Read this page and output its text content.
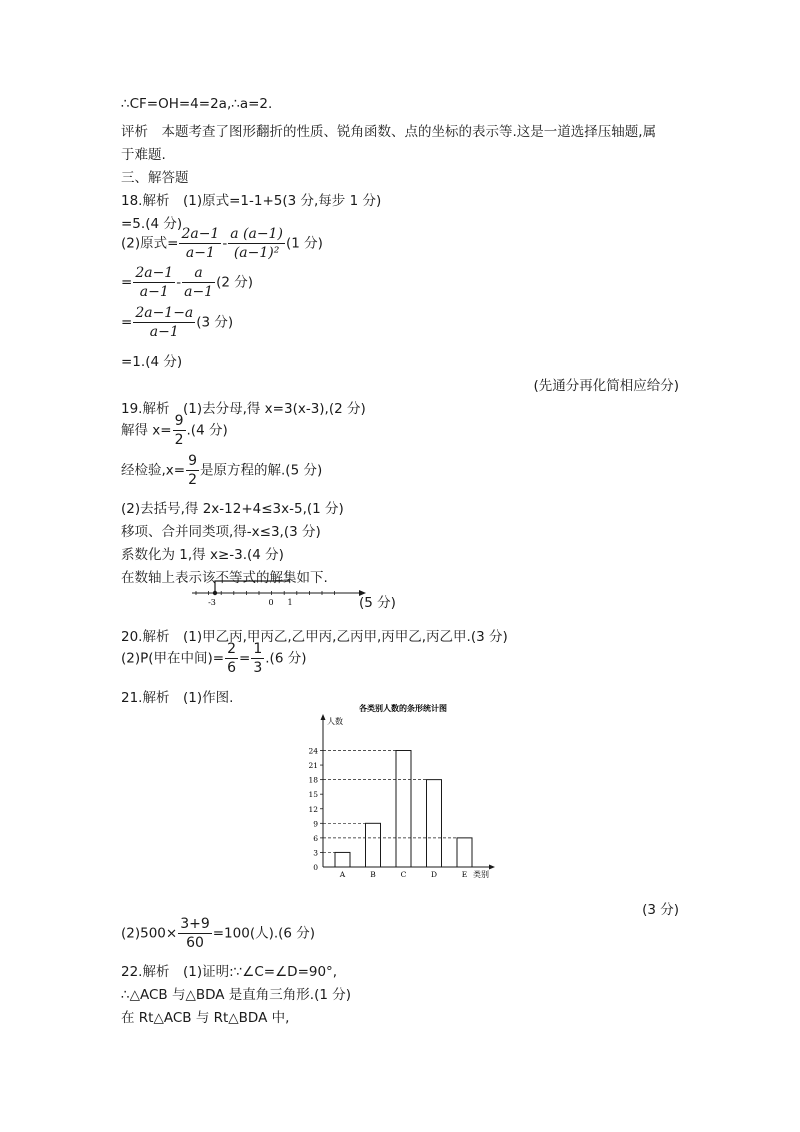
∴CF=OH=4=2a,∴a=2.
评析　本题考查了图形翻折的性质、锐角函数、点的坐标的表示等.这是一道选择压轴题,属
于难题.
三、解答题
18.解析　(1)原式=1-1+5(3 分,每步 1 分)
=5.(4 分)
(2)原式= $\frac{2a-1}{a-1} - \frac{a (a-1)}{\text{(a−1)²}} (1$ 分)
= $\frac{2a-1}{a-1} - \frac{a}{a-1} (2$ 分)
= $\frac{2a-1-a}{a-1} (3$ 分)
=1.(4 分)
(先通分再化简相应给分)
19.解析　(1)去分母,得 x=3(x-3),(2 分)
解得 $x= \frac{9}{2} .(4$ 分)
经检验$,x= \frac{9}{2}$ 是原方程的解.(5 分)
(2)去括号,得 2x-12+4≤3x-5,(1 分)
移项、合并同类项,得-x≤3,(3 分)
系数化为 1,得 x≥-3.(4 分)
在数轴上表示该不等式的解集如下.
-3	0 1	(5 分)
20.解析　(1)甲乙丙,甲丙乙,乙甲丙,乙丙甲,丙甲乙,丙乙甲.(3 分)
(2)P(甲在中间)= $\frac{2}{6} = \frac{1}{3} .(6$ 分)
21.解析　(1)作图.
各类别人数的条形统计图
人数
类别
0
3
6
9
12
15
18
21
24
A	B	C	D	E
(3 分)
$(2)500\times \frac{3+9}{60} =100$(人).(6 分)
22.解析　(1)证明:∵∠C=∠D=90°,
∴△ACB 与△BDA 是直角三角形.(1 分)
在 Rt△ACB 与 Rt△BDA 中,
